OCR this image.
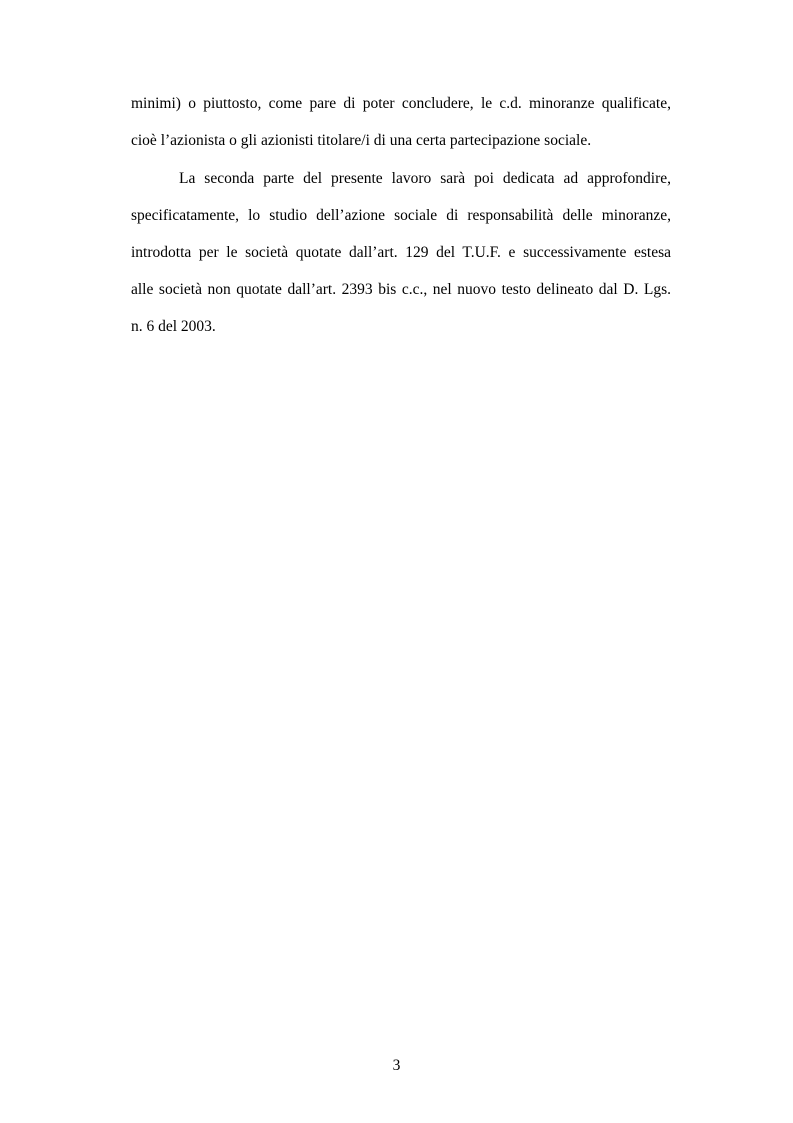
minimi) o piuttosto, come pare di poter concludere, le c.d. minoranze qualificate,
cioè l’azionista o gli azionisti titolare/i di una certa partecipazione sociale.
La seconda parte del presente lavoro sarà poi dedicata ad approfondire,
specificatamente, lo studio dell’azione sociale di responsabilità delle minoranze,
introdotta per le società quotate dall’art. 129 del T.U.F. e successivamente estesa
alle società non quotate dall’art. 2393 bis c.c., nel nuovo testo delineato dal D. Lgs.
n. 6 del 2003.
3
